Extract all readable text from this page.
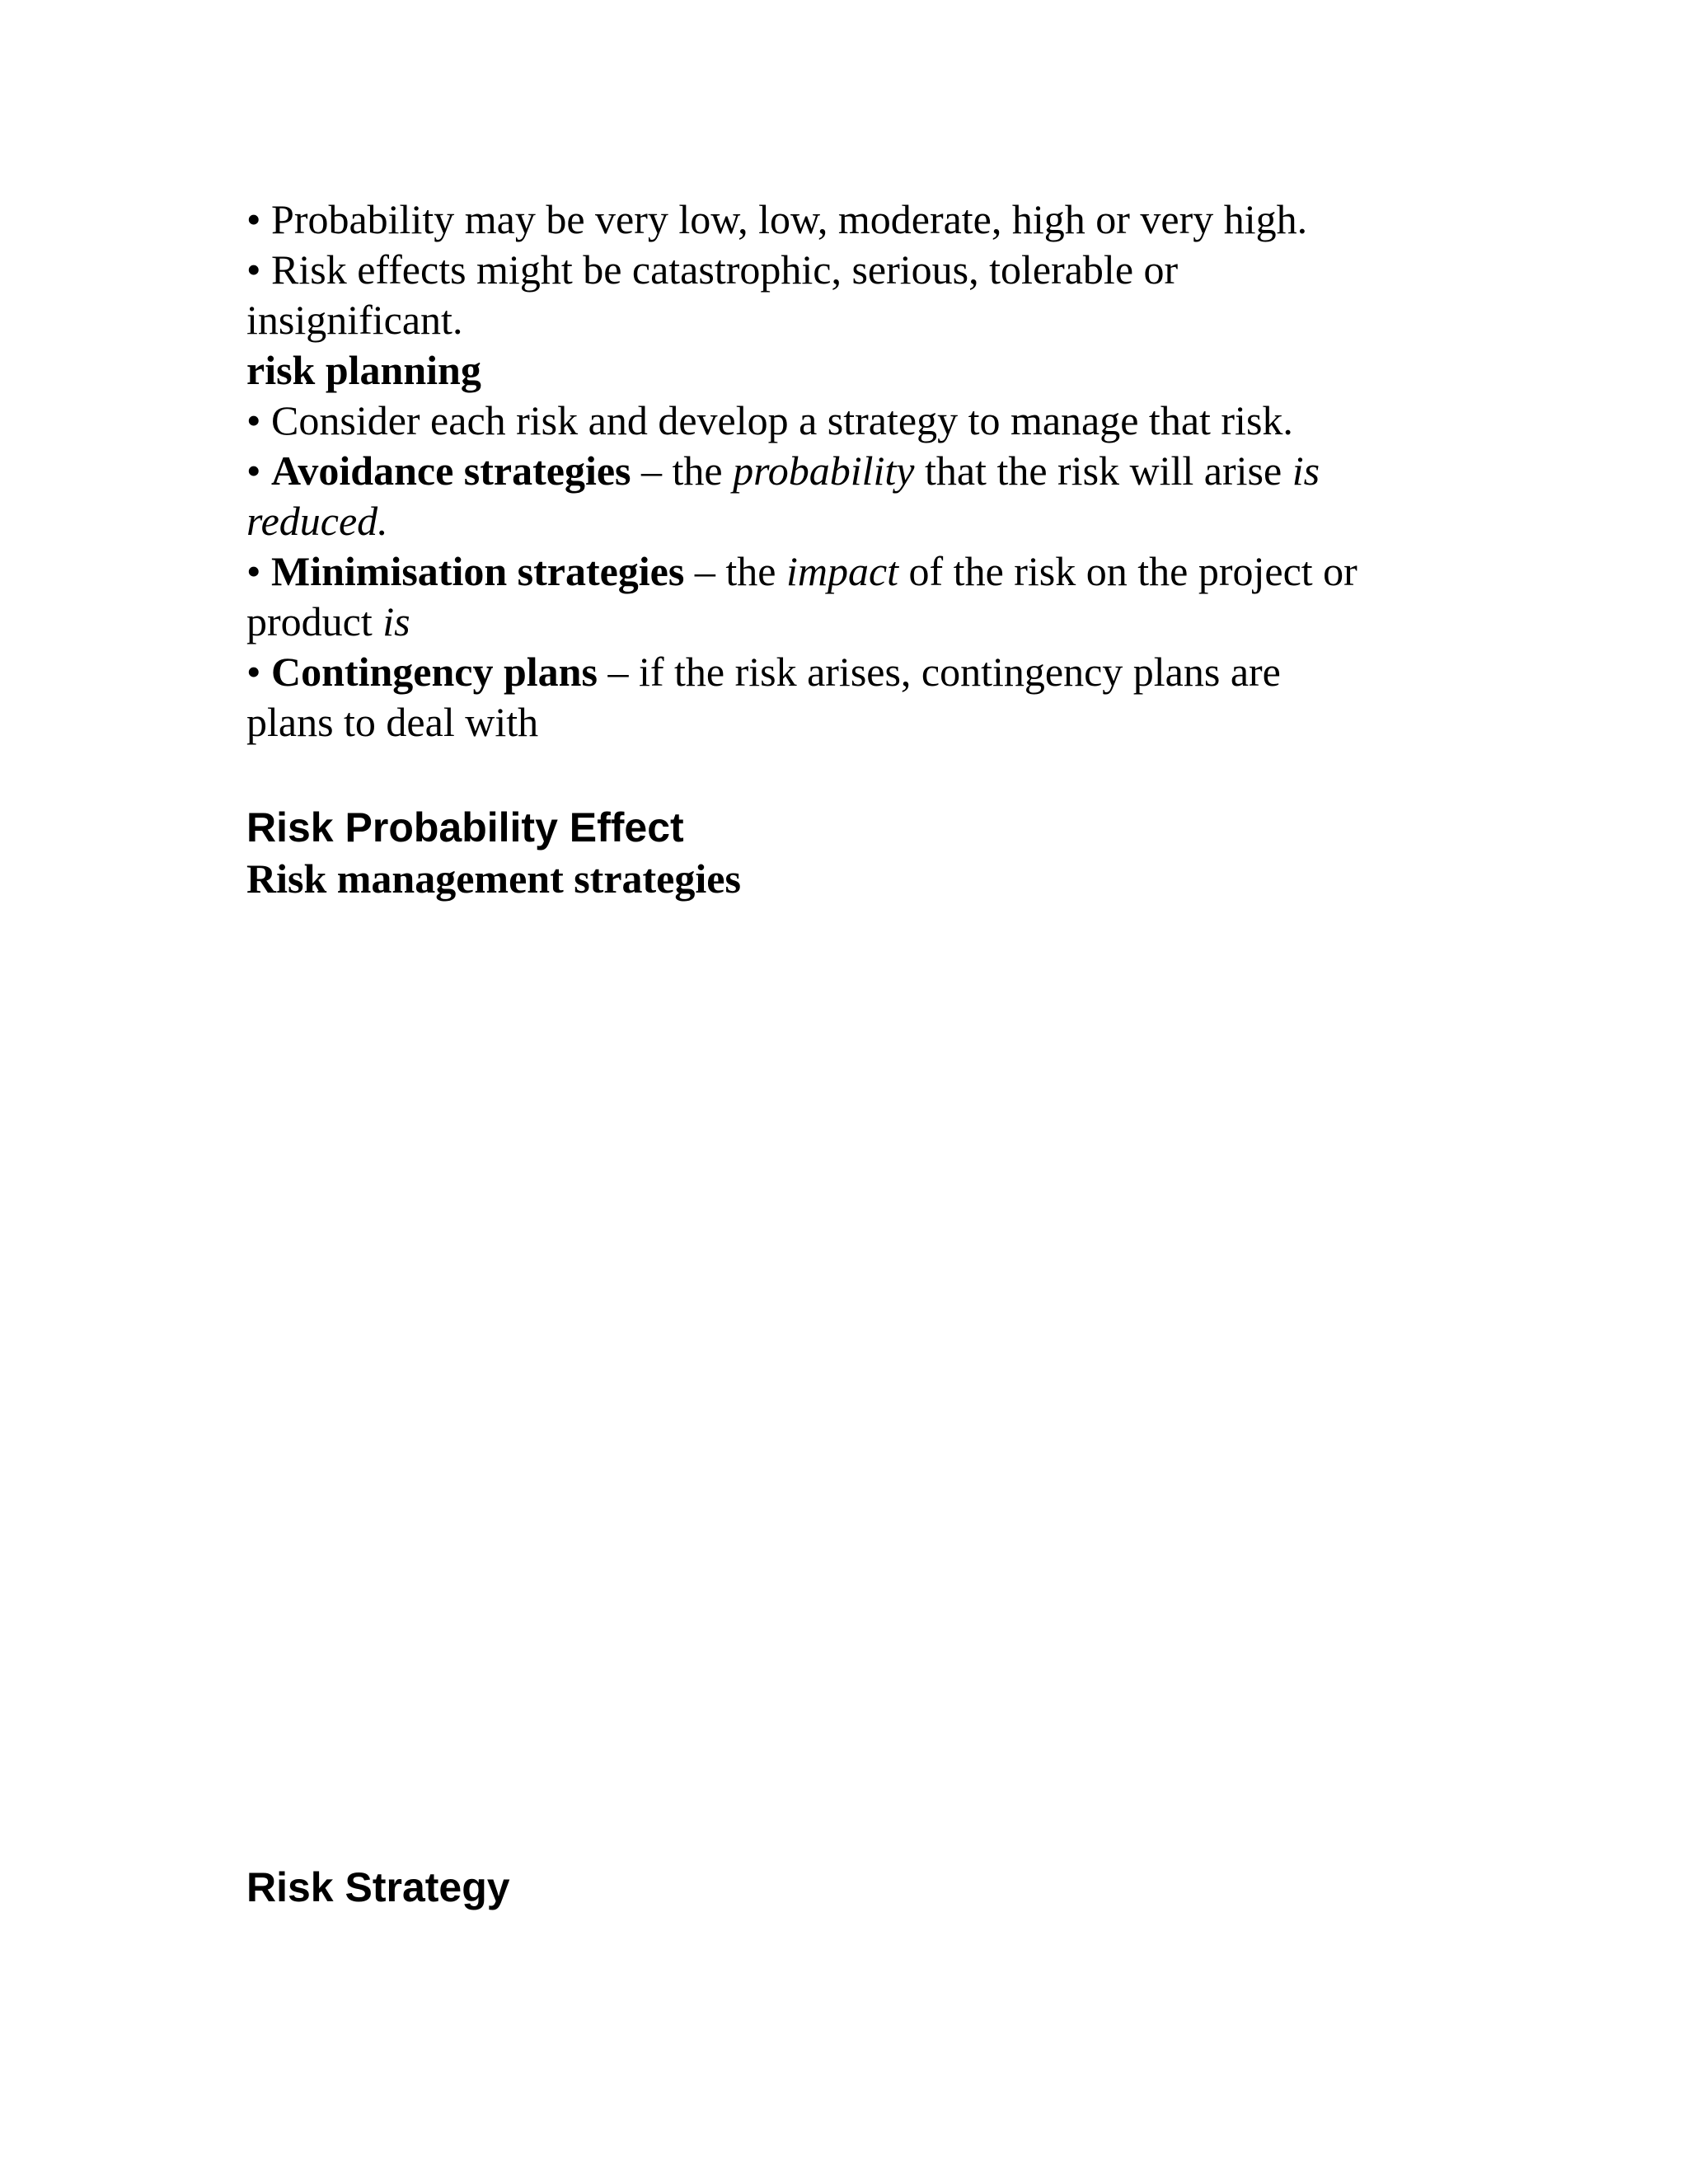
• Probability may be very low, low, moderate, high or very high.
• Risk effects might be catastrophic, serious, tolerable or
insignificant.
risk planning
• Consider each risk and develop a strategy to manage that risk.
• Avoidance strategies – the probability that the risk will arise is
reduced.
• Minimisation strategies – the impact of the risk on the project or
product is
• Contingency plans – if the risk arises, contingency plans are
plans to deal with
Risk Probability Effect
Risk management strategies
Risk Strategy
